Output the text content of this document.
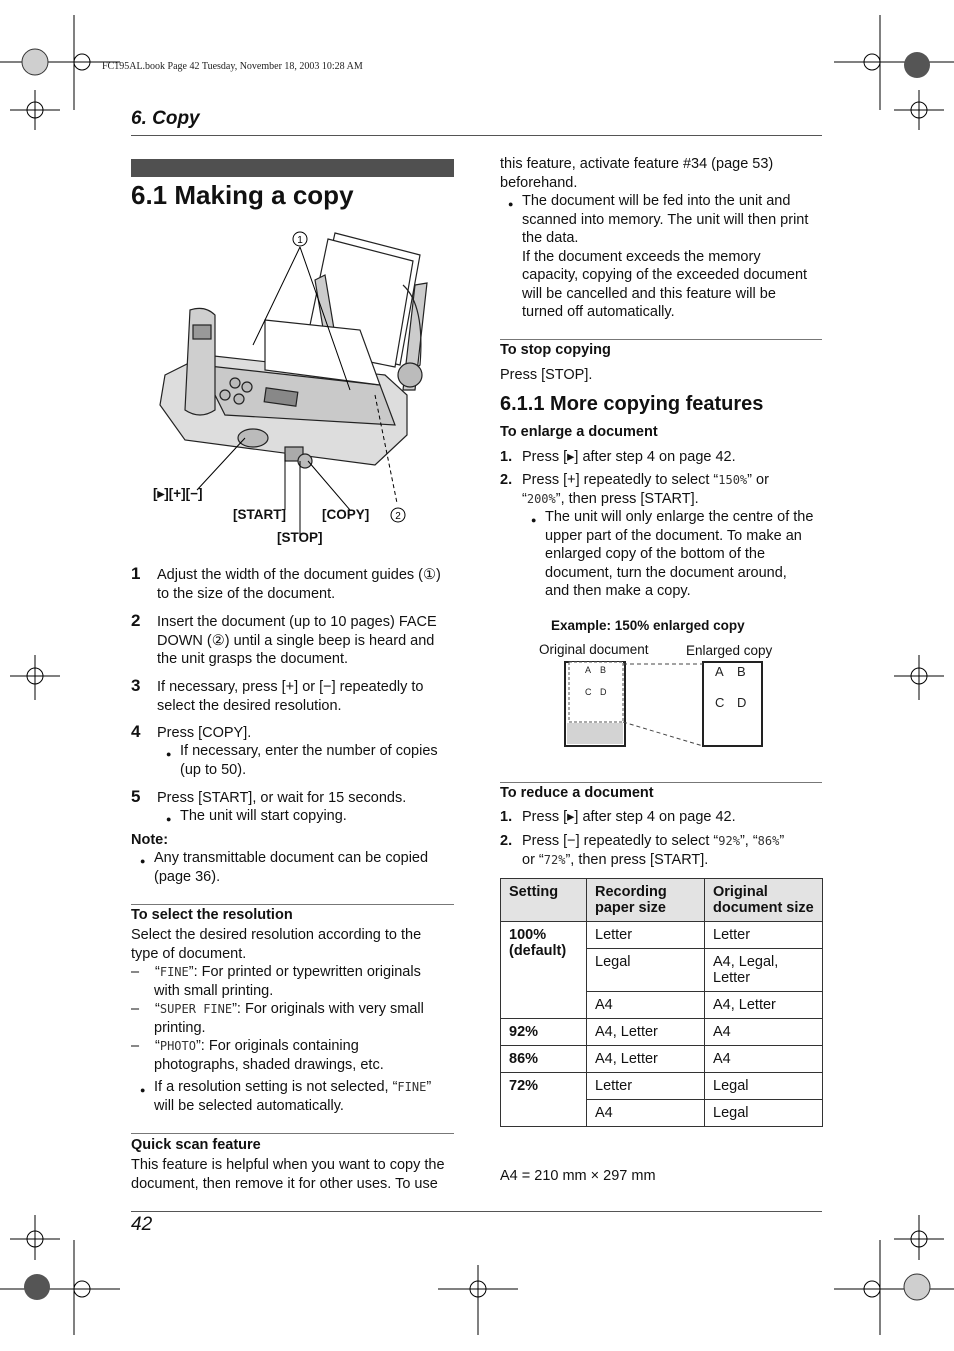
FC195AL.book Page 42 Tuesday, November 18, 2003 10:28 AM
6. Copy
6.1 Making a copy
1
2
[▸][+][−]
[START]	[COPY]
[STOP]
1 Adjust the width of the document guides (①)
to the size of the document.
2 Insert the document (up to 10 pages) FACE
DOWN (②) until a single beep is heard and
the unit grasps the document.
3 If necessary, press [+] or [−] repeatedly to
select the desired resolution.
4 Press [COPY].
● If necessary, enter the number of copies
(up to 50).
5 Press [START], or wait for 15 seconds.
● The unit will start copying.
Note:
● Any transmittable document can be copied
(page 36).
To select the resolution
Select the desired resolution according to the
type of document.
– “FINE”: For printed or typewritten originals
with small printing.
– “SUPER FINE”: For originals with very small
printing.
– “PHOTO”: For originals containing
photographs, shaded drawings, etc.
● If a resolution setting is not selected, “FINE”
will be selected automatically.
Quick scan feature
This feature is helpful when you want to copy the
document, then remove it for other uses. To use
this feature, activate feature #34 (page 53)
beforehand.
● The document will be fed into the unit and
scanned into memory. The unit will then print
the data.
If the document exceeds the memory
capacity, copying of the exceeded document
will be cancelled and this feature will be
turned off automatically.
To stop copying
Press [STOP].
6.1.1 More copying features
To enlarge a document
1. Press [▸] after step 4 on page 42.
2. Press [+] repeatedly to select “150%” or
“200%”, then press [START].
● The unit will only enlarge the centre of the
upper part of the document. To make an
enlarged copy of the bottom of the
document, turn the document around,
and then make a copy.
Example: 150% enlarged copy
Original document	Enlarged copy
A B
C D
A B
C D
To reduce a document
1. Press [▸] after step 4 on page 42.
2. Press [−] repeatedly to select “92%”, “86%”
or “72%”, then press [START].
Setting	Recording paper size	Original document size
100% (default)	Letter	Letter
	Legal	A4, Legal, Letter
	A4	A4, Letter
92%	A4, Letter	A4
86%	A4, Letter	A4
72%	Letter	Legal
	A4	Legal
A4 = 210 mm × 297 mm
42
